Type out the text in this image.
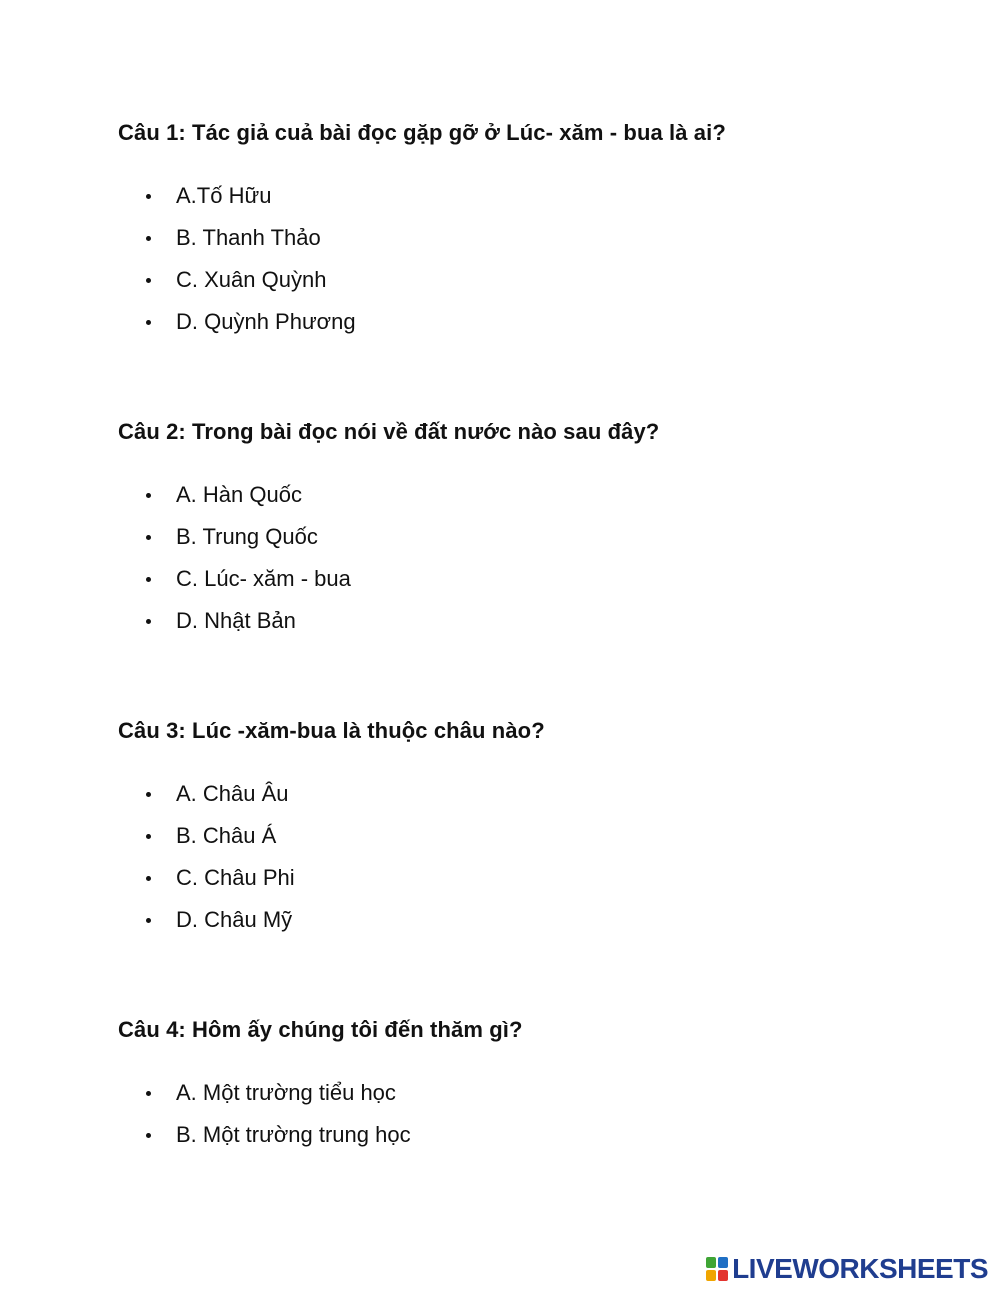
Câu 1: Tác giả cuả bài đọc gặp gỡ ở Lúc- xăm - bua là ai?
A.Tố Hữu
B. Thanh Thảo
C. Xuân Quỳnh
D. Quỳnh Phương
Câu 2: Trong bài đọc nói về đất nước nào sau đây?
A. Hàn Quốc
B. Trung Quốc
C. Lúc- xăm - bua
D. Nhật Bản
Câu 3: Lúc -xăm-bua là thuộc châu nào?
A. Châu Âu
B. Châu Á
C. Châu Phi
D. Châu Mỹ
Câu 4: Hôm ấy chúng tôi đến thăm gì?
A. Một trường tiểu học
B. Một trường trung học
LIVEWORKSHEETS
